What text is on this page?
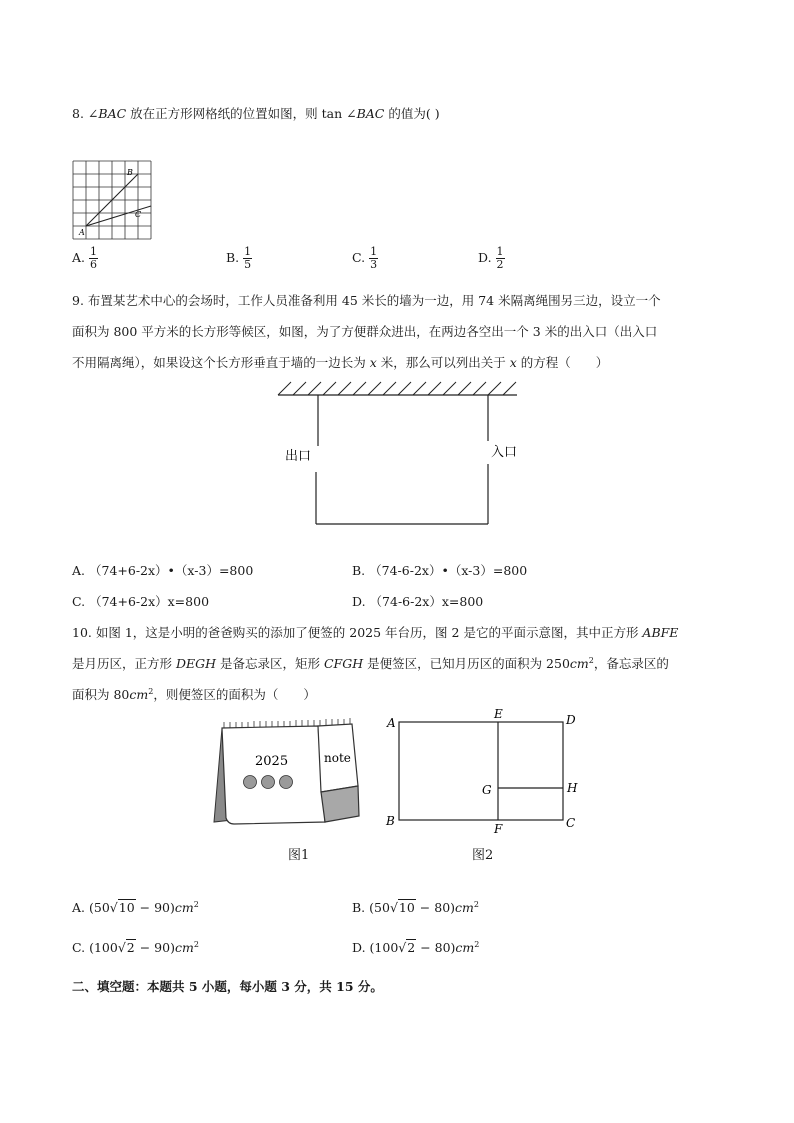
8. ∠BAC 放在正方形网格纸的位置如图，则 tan ∠BAC 的值为( )
A
B
C
A. $\frac{1}{6}$	B. $\frac{1}{5}$	C. $\frac{1}{3}$	D. $\frac{1}{2}$
9. 布置某艺术中心的会场时，工作人员准备利用 45 米长的墙为一边，用 74 米隔离绳围另三边，设立一个
面积为 800 平方米的长方形等候区，如图，为了方便群众进出，在两边各空出一个 3 米的出入口（出入口
不用隔离绳），如果设这个长方形垂直于墙的一边长为 x 米，那么可以列出关于 x 的方程（　　）
出口	入口
A. （74+6-2x）•（x-3）=800	B. （74-6-2x）•（x-3）=800
C. （74+6-2x）x=800	D. （74-6-2x）x=800
10. 如图 1，这是小明的爸爸购买的添加了便签的 2025 年台历，图 2 是它的平面示意图，其中正方形 ABFE
是月历区，正方形 DEGH 是备忘录区，矩形 CFGH 是便签区，已知月历区的面积为 $250cm^2$，备忘录区的
面积为 $80cm^2$，则便签区的面积为（　　）
2025	note
图1
A
E	D
G	H
B
F	C
图2
A. $(50√10 - 90)cm^2$	B. $(50√10 - 80)cm^2$
C. $(100√2 - 90)cm^2$	D. $(100√2 - 80)cm^2$
二、填空题：本题共 5 小题，每小题 3 分，共 15 分。
